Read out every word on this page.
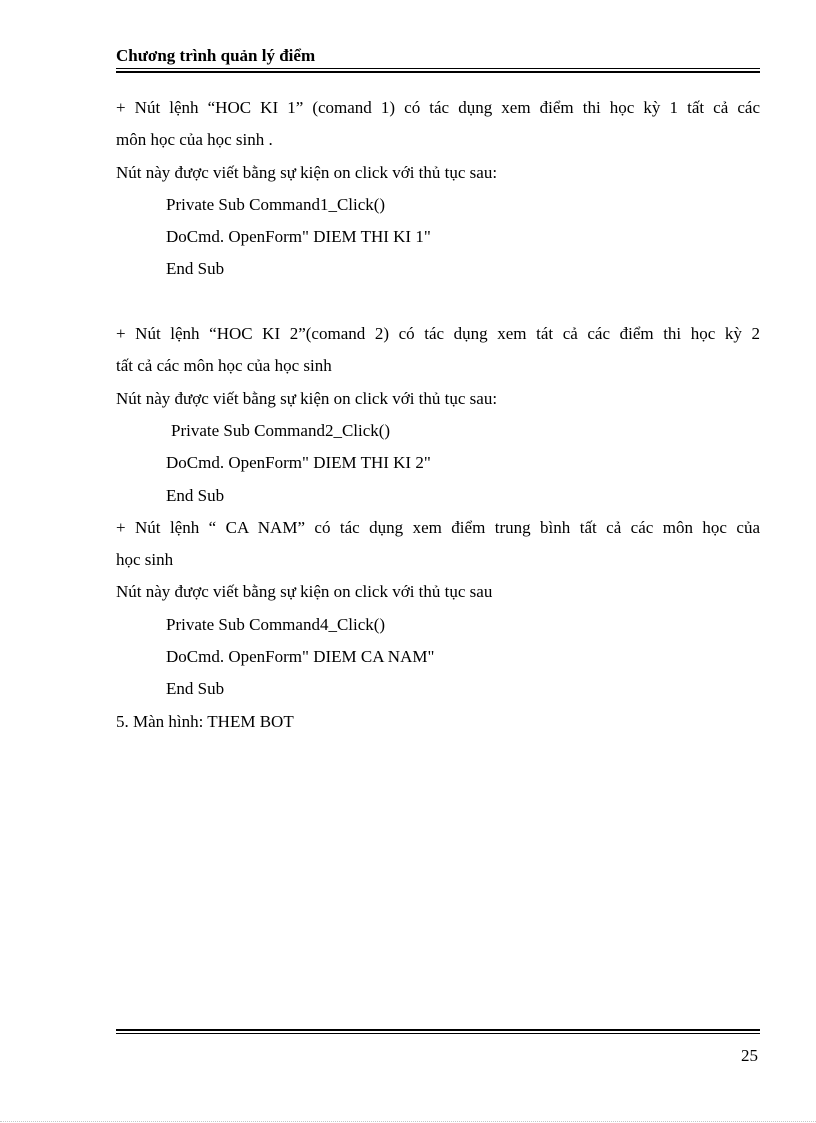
Chương trình quản lý điểm
+ Nút lệnh “HOC KI 1” (comand 1) có tác dụng xem điểm thi học kỳ 1 tất cả các
môn học của học sinh .
Nút này được viết bằng sự kiện on click với thủ tục sau:
Private Sub Command1_Click()
DoCmd. OpenForm" DIEM THI KI 1"
End Sub
+ Nút lệnh “HOC KI 2”(comand 2) có tác dụng xem tát cả các điểm thi học kỳ 2
tất cả các môn học của học sinh
Nút này được viết bằng sự kiện on click với thủ tục sau:
Private Sub Command2_Click()
DoCmd. OpenForm" DIEM THI KI 2"
End Sub
+ Nút lệnh “ CA NAM” có tác dụng xem điểm trung bình tất cả các môn học của
học sinh
Nút này được viết bằng sự kiện on click với thủ tục sau
Private Sub Command4_Click()
DoCmd. OpenForm" DIEM CA NAM"
End Sub
5. Màn hình: THEM BOT
25
